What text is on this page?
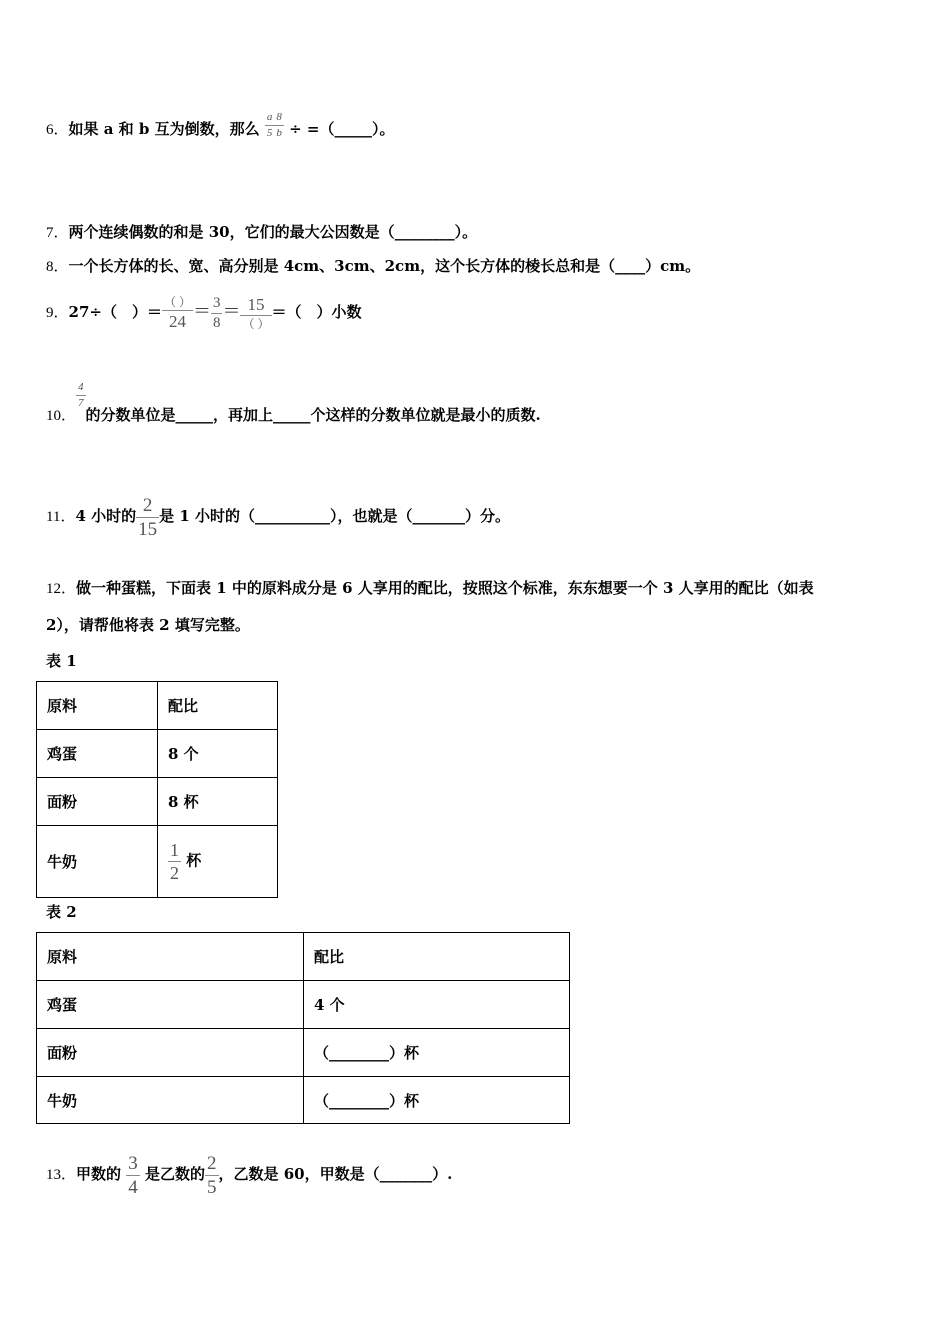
6．如果 a 和 b 互为倒数，那么 $\frac{a}{5} \frac{8}{b}$ ÷ =（_____）。
7．两个连续偶数的和是 30，它们的最大公因数是（________）。
8．一个长方体的长、宽、高分别是 4cm、3cm、2cm，这个长方体的棱长总和是（____）cm。
9．27÷（　）＝ $\frac{( )}{24} = \frac{3}{8} = \frac{15}{( )}$ ＝（　）小数
10．
$\frac{4}{7}$
的分数单位是_____，再加上_____个这样的分数单位就是最小的质数.
11．4 小时的 $\frac{2}{15}$ 是 1 小时的（__________），也就是（_______）分。
12．做一种蛋糕，下面表 1 中的原料成分是 6 人享用的配比，按照这个标准，东东想要一个 3 人享用的配比（如表
2），请帮他将表 2 填写完整。
表 1
原料	配比
鸡蛋	8 个
面粉	8 杯
牛奶	$\frac{1}{2}$ 杯
表 2
原料	配比
鸡蛋	4 个
面粉	（________）杯
牛奶	（________）杯
13．甲数的 $\frac{3}{4}$ 是乙数的 $\frac{2}{5}$ ，乙数是 60，甲数是（_______）.
